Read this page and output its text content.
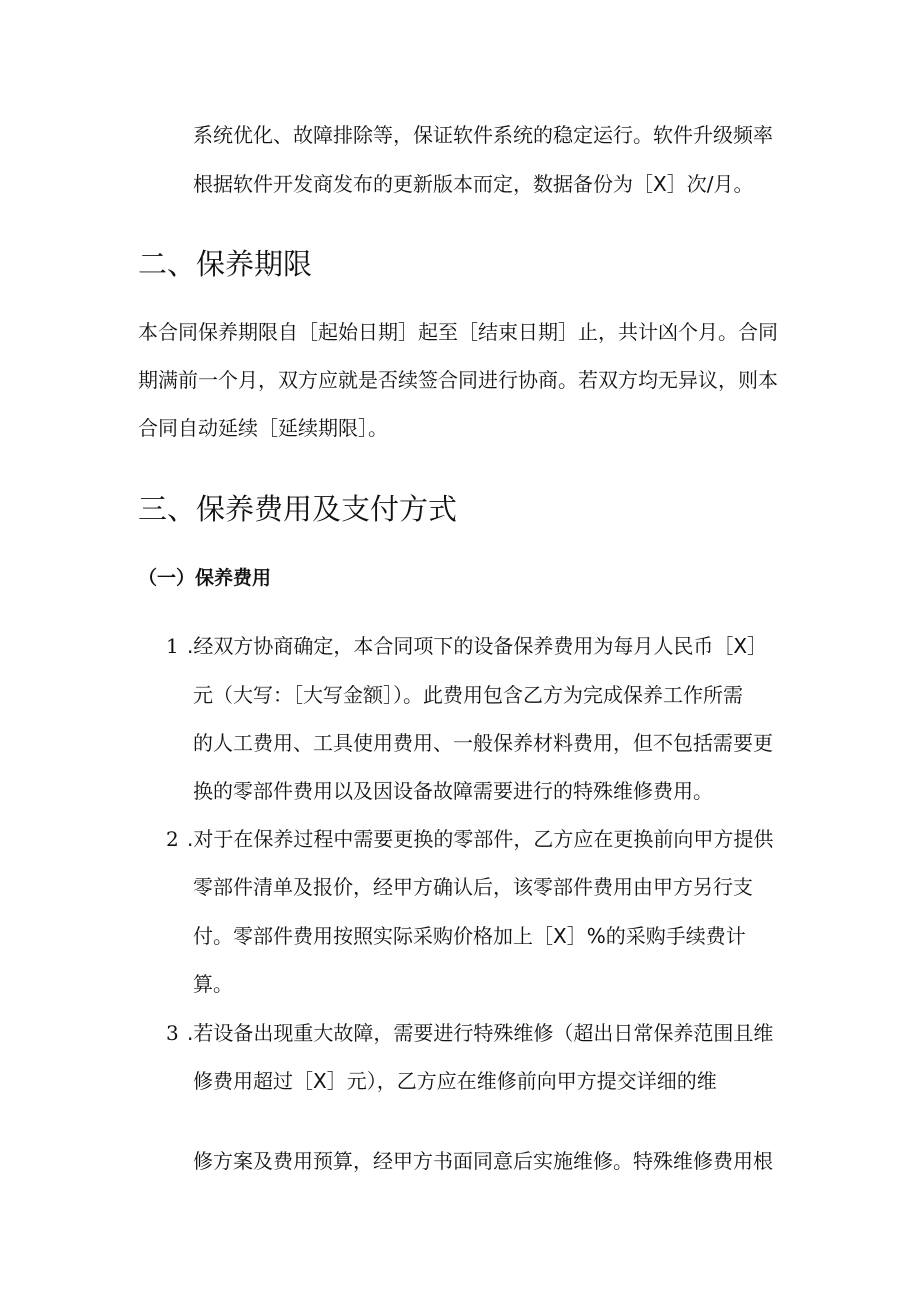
系统优化、故障排除等，保证软件系统的稳定运行。软件升级频率
根据软件开发商发布的更新版本而定，数据备份为［X］次/月。
二、保养期限
本合同保养期限自［起始日期］起至［结束日期］止，共计凶个月。合同
期满前一个月，双方应就是否续签合同进行协商。若双方均无异议，则本
合同自动延续［延续期限］。
三、保养费用及支付方式
（一）保养费用
1 .经双方协商确定，本合同项下的设备保养费用为每月人民币［X］
元（大写：［大写金额］）。此费用包含乙方为完成保养工作所需
的人工费用、工具使用费用、一般保养材料费用，但不包括需要更
换的零部件费用以及因设备故障需要进行的特殊维修费用。
2 .对于在保养过程中需要更换的零部件，乙方应在更换前向甲方提供
零部件清单及报价，经甲方确认后，该零部件费用由甲方另行支
付。零部件费用按照实际采购价格加上［X］%的采购手续费计
算。
3 .若设备出现重大故障，需要进行特殊维修（超出日常保养范围且维
修费用超过［X］元），乙方应在维修前向甲方提交详细的维
修方案及费用预算，经甲方书面同意后实施维修。特殊维修费用根
